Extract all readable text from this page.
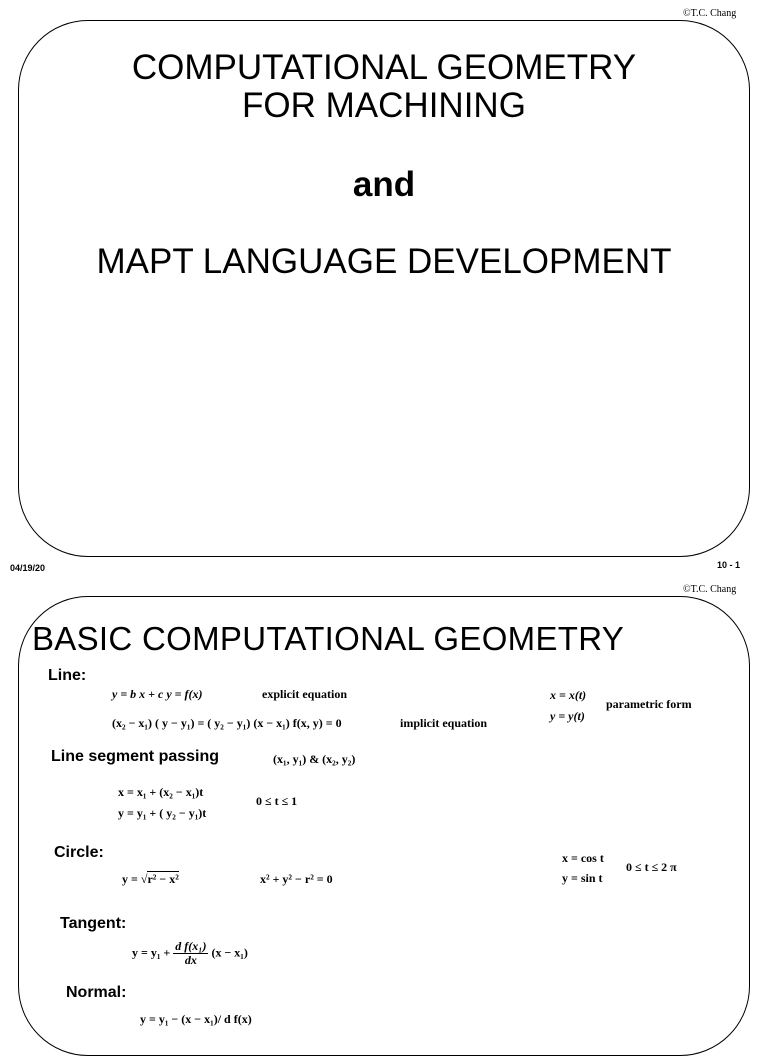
©T.C. Chang
COMPUTATIONAL GEOMETRY
FOR MACHINING
and
MAPT LANGUAGE DEVELOPMENT
04/19/20	10 - 1
©T.C. Chang
BASIC COMPUTATIONAL GEOMETRY
Line:
y = b x + c y = f(x)	explicit equation
(x₂ − x₁) ( y − y₁) = ( y₂ − y₁) (x − x₁) f(x, y) = 0	implicit equation
x = x(t)
y = y(t)
parametric form
Line segment passing	(x₁, y₁) & (x₂, y₂)
x = x₁ + (x₂ − x₁)t
y = y₁ + ( y₂ − y₁)t
0 ≤ t ≤ 1
Circle:
y = √r² − x²	x² + y² − r² = 0
x = cos t
y = sin t
0 ≤ t ≤ 2 π
Tangent:
$y = y_1 + \frac{\text{d f(x₁)}}{dx} (x - x_1)$
Normal:
y = y₁ − (x − x₁)/ d f(x)
